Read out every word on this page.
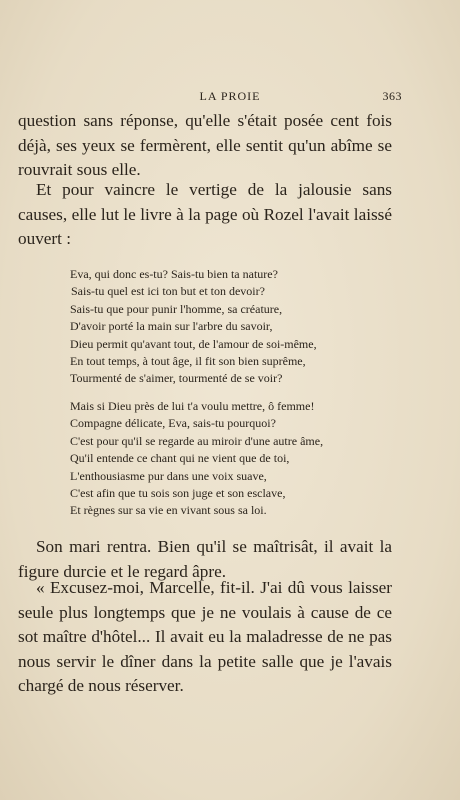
LA PROIE	363

question sans réponse, qu'elle s'était posée cent fois déjà, ses yeux se fermèrent, elle sentit qu'un abîme se rouvrait sous elle.

Et pour vaincre le vertige de la jalousie sans causes, elle lut le livre à la page où Rozel l'avait laissé ouvert :

Eva, qui donc es-tu? Sais-tu bien ta nature?
Sais-tu quel est ici ton but et ton devoir?
Sais-tu que pour punir l'homme, sa créature,
D'avoir porté la main sur l'arbre du savoir,
Dieu permit qu'avant tout, de l'amour de soi-même,
En tout temps, à tout âge, il fit son bien suprême,
Tourmenté de s'aimer, tourmenté de se voir?
Mais si Dieu près de lui t'a voulu mettre, ô femme!
Compagne délicate, Eva, sais-tu pourquoi?
C'est pour qu'il se regarde au miroir d'une autre âme,
Qu'il entende ce chant qui ne vient que de toi,
L'enthousiasme pur dans une voix suave,
C'est afin que tu sois son juge et son esclave,
Et règnes sur sa vie en vivant sous sa loi.

Son mari rentra. Bien qu'il se maîtrisât, il avait la figure durcie et le regard âpre.

« Excusez-moi, Marcelle, fit-il. J'ai dû vous laisser seule plus longtemps que je ne voulais à cause de ce sot maître d'hôtel... Il avait eu la maladresse de ne pas nous servir le dîner dans la petite salle que je l'avais chargé de nous réserver.
